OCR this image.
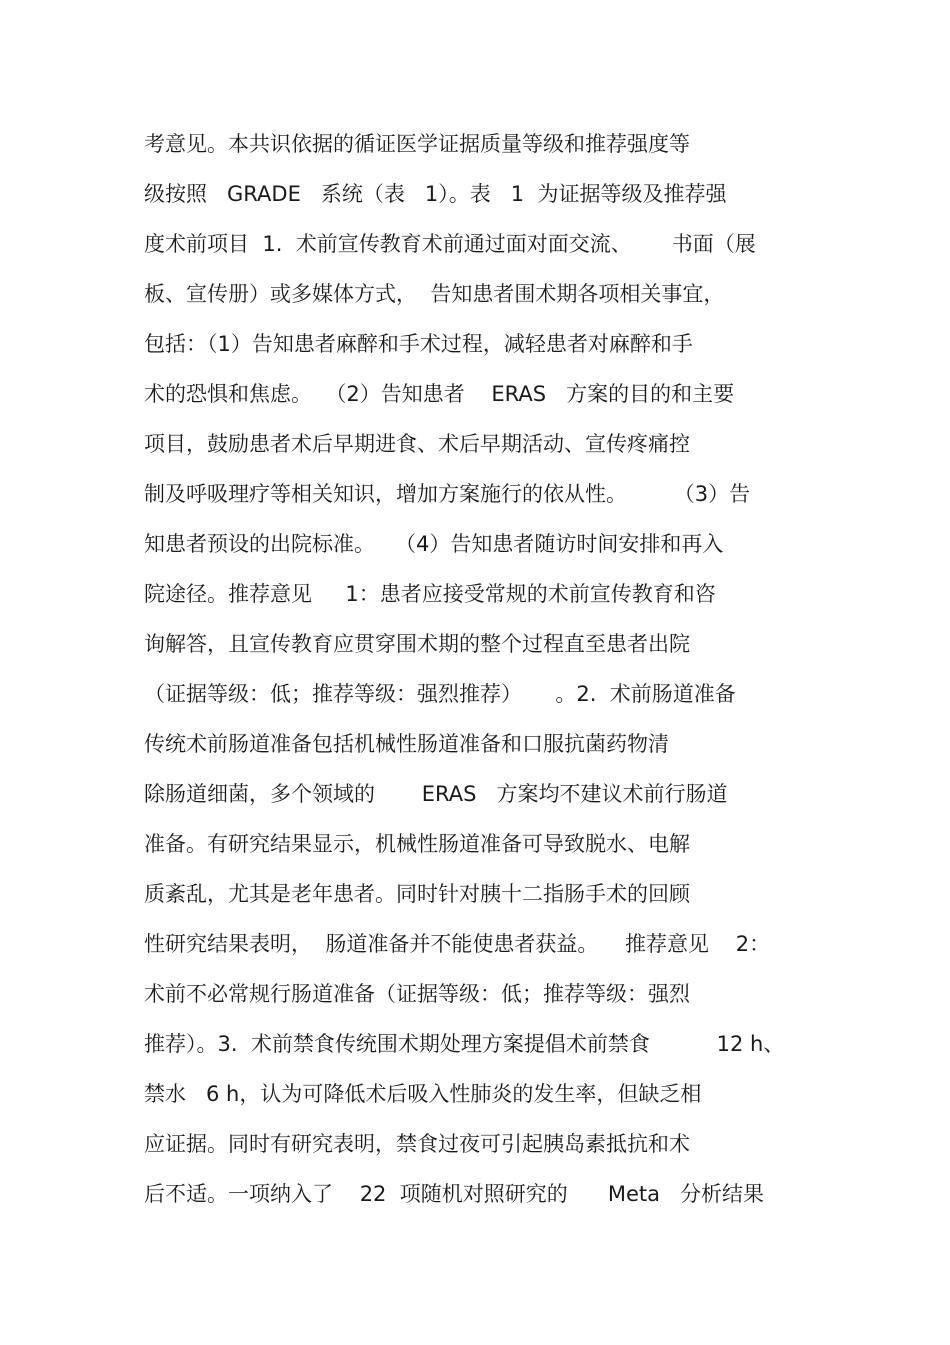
考意见。本共识依据的循证医学证据质量等级和推荐强度等
级按照   GRADE   系统（表   1）。表   1  为证据等级及推荐强
度术前项目  1.  术前宣传教育术前通过面对面交流、      书面（展
板、宣传册）或多媒体方式，  告知患者围术期各项相关事宜，
包括：（1）告知患者麻醉和手术过程，减轻患者对麻醉和手
术的恐惧和焦虑。  （2）告知患者    ERAS   方案的目的和主要
项目，鼓励患者术后早期进食、术后早期活动、宣传疼痛控
制及呼吸理疗等相关知识，增加方案施行的依从性。       （3）告
知患者预设的出院标准。   （4）告知患者随访时间安排和再入
院途径。推荐意见     1：患者应接受常规的术前宣传教育和咨
询解答，且宣传教育应贯穿围术期的整个过程直至患者出院
（证据等级：低；推荐等级：强烈推荐）     。2.  术前肠道准备
传统术前肠道准备包括机械性肠道准备和口服抗菌药物清
除肠道细菌，多个领域的       ERAS   方案均不建议术前行肠道
准备。有研究结果显示，机械性肠道准备可导致脱水、电解
质紊乱，尤其是老年患者。同时针对胰十二指肠手术的回顾
性研究结果表明，  肠道准备并不能使患者获益。    推荐意见    2：
术前不必常规行肠道准备（证据等级：低；推荐等级：强烈
推荐）。3.  术前禁食传统围术期处理方案提倡术前禁食          12 h、
禁水   6 h，认为可降低术后吸入性肺炎的发生率，但缺乏相
应证据。同时有研究表明，禁食过夜可引起胰岛素抵抗和术
后不适。一项纳入了    22  项随机对照研究的      Meta   分析结果
